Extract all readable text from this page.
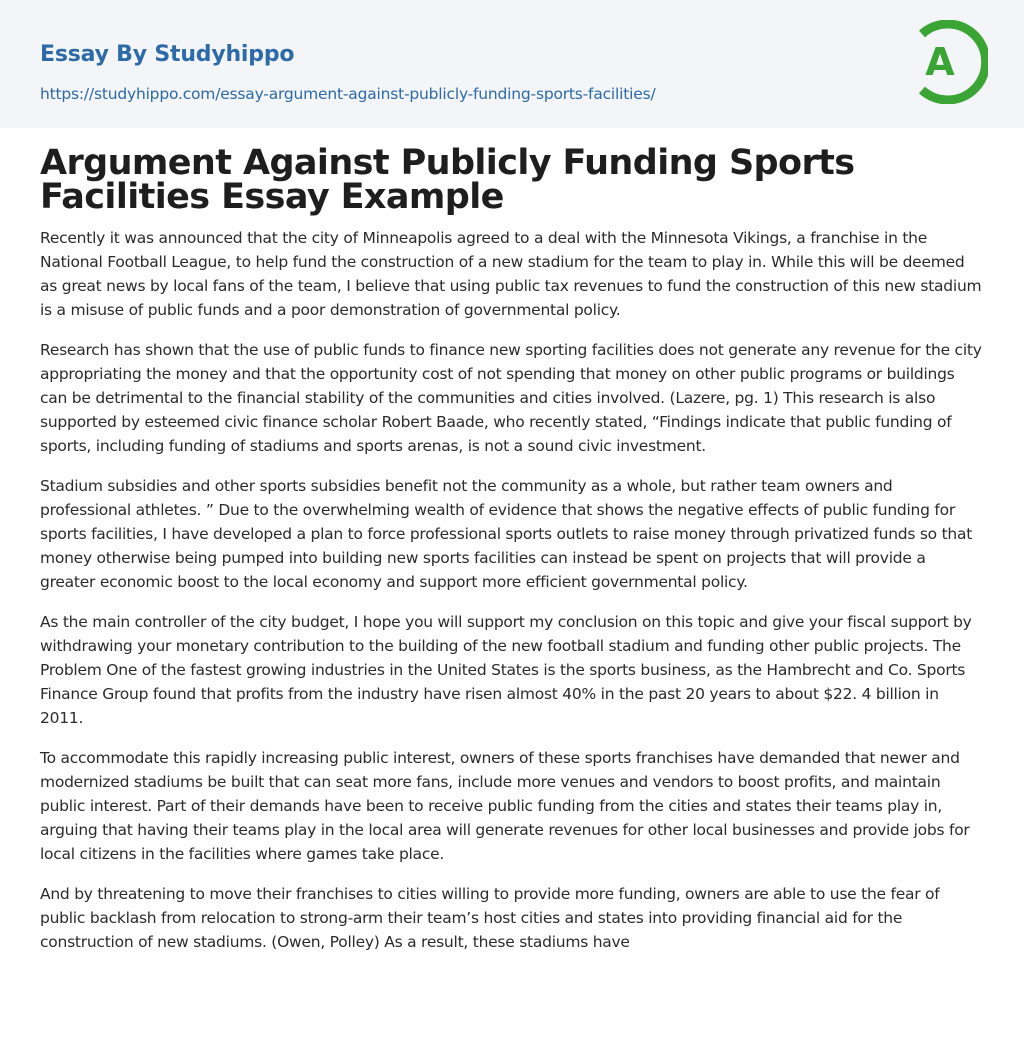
Essay By Studyhippo
https://studyhippo.com/essay-argument-against-publicly-funding-sports-facilities/
A
Argument Against Publicly Funding Sports Facilities Essay Example

Recently it was announced that the city of Minneapolis agreed to a deal with the Minnesota Vikings, a franchise in the National Football League, to help fund the construction of a new stadium for the team to play in. While this will be deemed as great news by local fans of the team, I believe that using public tax revenues to fund the construction of this new stadium is a misuse of public funds and a poor demonstration of governmental policy.

Research has shown that the use of public funds to finance new sporting facilities does not generate any revenue for the city appropriating the money and that the opportunity cost of not spending that money on other public programs or buildings can be detrimental to the financial stability of the communities and cities involved. (Lazere, pg. 1) This research is also supported by esteemed civic finance scholar Robert Baade, who recently stated, “Findings indicate that public funding of sports, including funding of stadiums and sports arenas, is not a sound civic investment.

Stadium subsidies and other sports subsidies benefit not the community as a whole, but rather team owners and professional athletes. ” Due to the overwhelming wealth of evidence that shows the negative effects of public funding for sports facilities, I have developed a plan to force professional sports outlets to raise money through privatized funds so that money otherwise being pumped into building new sports facilities can instead be spent on projects that will provide a greater economic boost to the local economy and support more efficient governmental policy.

As the main controller of the city budget, I hope you will support my conclusion on this topic and give your fiscal support by withdrawing your monetary contribution to the building of the new football stadium and funding other public projects. The Problem One of the fastest growing industries in the United States is the sports business, as the Hambrecht and Co. Sports Finance Group found that profits from the industry have risen almost 40% in the past 20 years to about $22. 4 billion in 2011.

To accommodate this rapidly increasing public interest, owners of these sports franchises have demanded that newer and modernized stadiums be built that can seat more fans, include more venues and vendors to boost profits, and maintain public interest. Part of their demands have been to receive public funding from the cities and states their teams play in, arguing that having their teams play in the local area will generate revenues for other local businesses and provide jobs for local citizens in the facilities where games take place.

And by threatening to move their franchises to cities willing to provide more funding, owners are able to use the fear of public backlash from relocation to strong-arm their team’s host cities and states into providing financial aid for the construction of new stadiums. (Owen, Polley) As a result, these stadiums have
